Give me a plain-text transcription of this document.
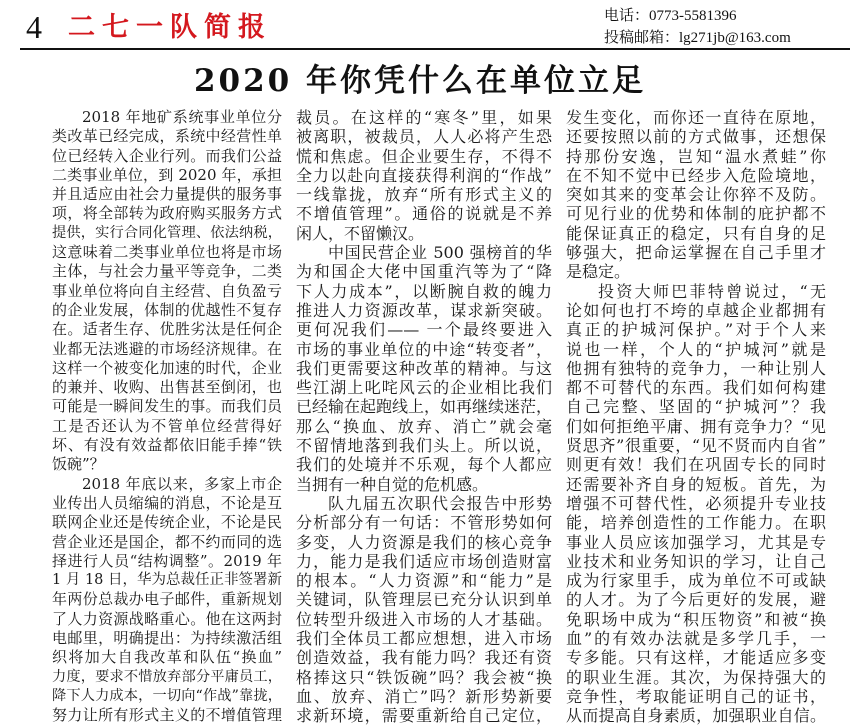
4 二七一队简报	电话：0773-5581396
投稿邮箱：lg271jb@163.com
2020 年你凭什么在单位立足
2018 年地矿系统事业单位分
类改革已经完成，系统中经营性单
位已经转入企业行列。而我们公益
二类事业单位，到 2020 年，承担
并且适应由社会力量提供的服务事
项，将全部转为政府购买服务方式
提供，实行合同化管理、依法纳税，
这意味着二类事业单位也将是市场
主体，与社会力量平等竞争，二类
事业单位将向自主经营、自负盈亏
的企业发展，体制的优越性不复存
在。适者生存、优胜劣汰是任何企
业都无法逃避的市场经济规律。在
这样一个被变化加速的时代，企业
的兼并、收购、出售甚至倒闭，也
可能是一瞬间发生的事。而我们员
工是否还认为不管单位经营得好
坏、有没有效益都依旧能手捧“铁
饭碗”？
2018 年底以来，多家上市企
业传出人员缩编的消息，不论是互
联网企业还是传统企业，不论是民
营企业还是国企，都不约而同的选
择进行人员“结构调整”。2019 年
1 月 18 日，华为总裁任正非签署新
年两份总裁办电子邮件，重新规划
了人力资源战略重心。他在这两封
电邮里，明确提出：为持续激活组
织将加大自我改革和队伍“换血”
力度，要求不惜放弃部分平庸员工，
降下人力成本，一切向“作战”靠拢，
努力让所有形式主义的不增值管理
裁员。在这样的“寒冬”里，如果
被离职，被裁员，人人必将产生恐
慌和焦虑。但企业要生存，不得不
全力以赴向直接获得利润的“作战”
一线靠拢，放弃“所有形式主义的
不增值管理”。通俗的说就是不养
闲人，不留懒汉。
中国民营企业 500 强榜首的华
为和国企大佬中国重汽等为了“降
下人力成本”，以断腕自救的魄力
推进人力资源改革，谋求新突破。
更何况我们—— 一个最终要进入
市场的事业单位的中途“转变者”，
我们更需要这种改革的精神。与这
些江湖上叱咤风云的企业相比我们
已经输在起跑线上，如再继续迷茫，
那么“换血、放弃、消亡”就会毫
不留情地落到我们头上。所以说，
我们的处境并不乐观，每个人都应
当拥有一种自觉的危机感。
队九届五次职代会报告中形势
分析部分有一句话：不管形势如何
多变，人力资源是我们的核心竞争
力，能力是我们适应市场创造财富
的根本。“人力资源”和“能力”是
关键词，队管理层已充分认识到单
位转型升级进入市场的人才基础。
我们全体员工都应想想，进入市场
创造效益，我有能力吗？我还有资
格捧这只“铁饭碗”吗？我会被“换
血、放弃、消亡”吗？新形势新要
求新环境，需要重新给自己定位，
发生变化，而你还一直待在原地，
还要按照以前的方式做事，还想保
持那份安逸，岂知“温水煮蛙”你
在不知不觉中已经步入危险境地，
突如其来的变革会让你猝不及防。
可见行业的优势和体制的庇护都不
能保证真正的稳定，只有自身的足
够强大，把命运掌握在自己手里才
是稳定。
投资大师巴菲特曾说过，“无
论如何也打不垮的卓越企业都拥有
真正的护城河保护。”对于个人来
说也一样，个人的“护城河”就是
他拥有独特的竞争力，一种让别人
都不可替代的东西。我们如何构建
自己完整、坚固的“护城河”？我
们如何拒绝平庸、拥有竞争力？“见
贤思齐”很重要，“见不贤而内自省”
则更有效！我们在巩固专长的同时
还需要补齐自身的短板。首先，为
增强不可替代性，必须提升专业技
能，培养创造性的工作能力。在职
事业人员应该加强学习，尤其是专
业技术和业务知识的学习，让自己
成为行家里手，成为单位不可或缺
的人才。为了今后更好的发展，避
免职场中成为“积压物资”和被“换
血”的有效办法就是多学几手，一
专多能。只有这样，才能适应多变
的职业生涯。其次，为保持强大的
竞争性，考取能证明自己的证书，
从而提高自身素质，加强职业自信。
